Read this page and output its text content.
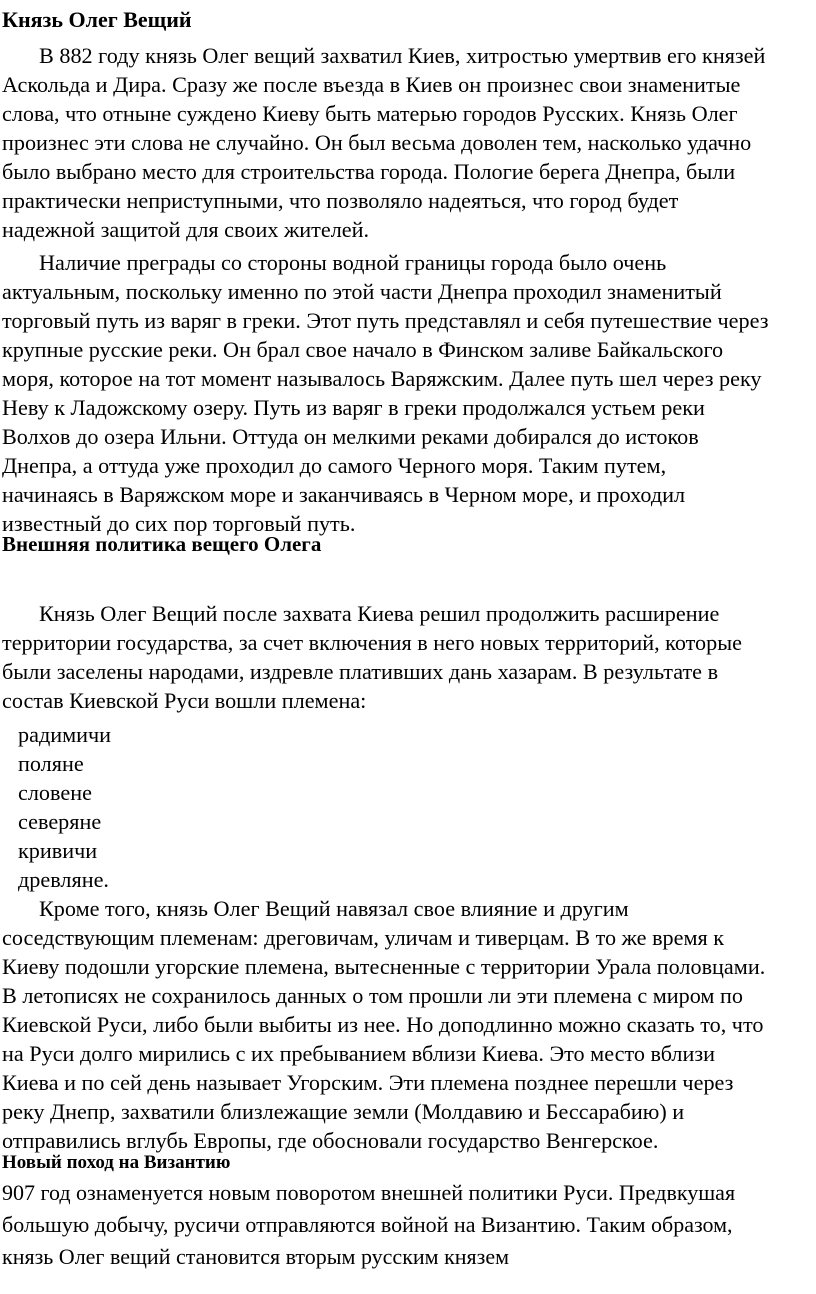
Князь Олег Вещий

В 882 году князь Олег вещий захватил Киев, хитростью умертвив его князей
Аскольда и Дира. Сразу же после въезда в Киев он произнес свои знаменитые
слова, что отныне суждено Киеву быть матерью городов Русских. Князь Олег
произнес эти слова не случайно. Он был весьма доволен тем, насколько удачно
было выбрано место для строительства города. Пологие берега Днепра, были
практически неприступными, что позволяло надеяться, что город будет
надежной защитой для своих жителей.

Наличие преграды со стороны водной границы города было очень
актуальным, поскольку именно по этой части Днепра проходил знаменитый
торговый путь из варяг в греки. Этот путь представлял и себя путешествие через
крупные русские реки. Он брал свое начало в Финском заливе Байкальского
моря, которое на тот момент называлось Варяжским. Далее путь шел через реку
Неву к Ладожскому озеру. Путь из варяг в греки продолжался устьем реки
Волхов до озера Ильни. Оттуда он мелкими реками добирался до истоков
Днепра, а оттуда уже проходил до самого Черного моря. Таким путем,
начинаясь в Варяжском море и заканчиваясь в Черном море, и проходил
известный до сих пор торговый путь.

Внешняя политика вещего Олега

Князь Олег Вещий после захвата Киева решил продолжить расширение
территории государства, за счет включения в него новых территорий, которые
были заселены народами, издревле плативших дань хазарам. В результате в
состав Киевской Руси вошли племена:

радимичи
поляне
словене
северяне
кривичи
древляне.

Кроме того, князь Олег Вещий навязал свое влияние и другим
соседствующим племенам: дреговичам, уличам и тиверцам. В то же время к
Киеву подошли угорские племена, вытесненные с территории Урала половцами.
В летописях не сохранилось данных о том прошли ли эти племена с миром по
Киевской Руси, либо были выбиты из нее. Но доподлинно можно сказать то, что
на Руси долго мирились с их пребыванием вблизи Киева. Это место вблизи
Киева и по сей день называет Угорским. Эти племена позднее перешли через
реку Днепр, захватили близлежащие земли (Молдавию и Бессарабию) и
отправились вглубь Европы, где обосновали государство Венгерское.

Новый поход на Византию

907 год ознаменуется новым поворотом внешней политики Руси. Предвкушая
большую добычу, русичи отправляются войной на Византию. Таким образом,
князь Олег вещий становится вторым русским князем
